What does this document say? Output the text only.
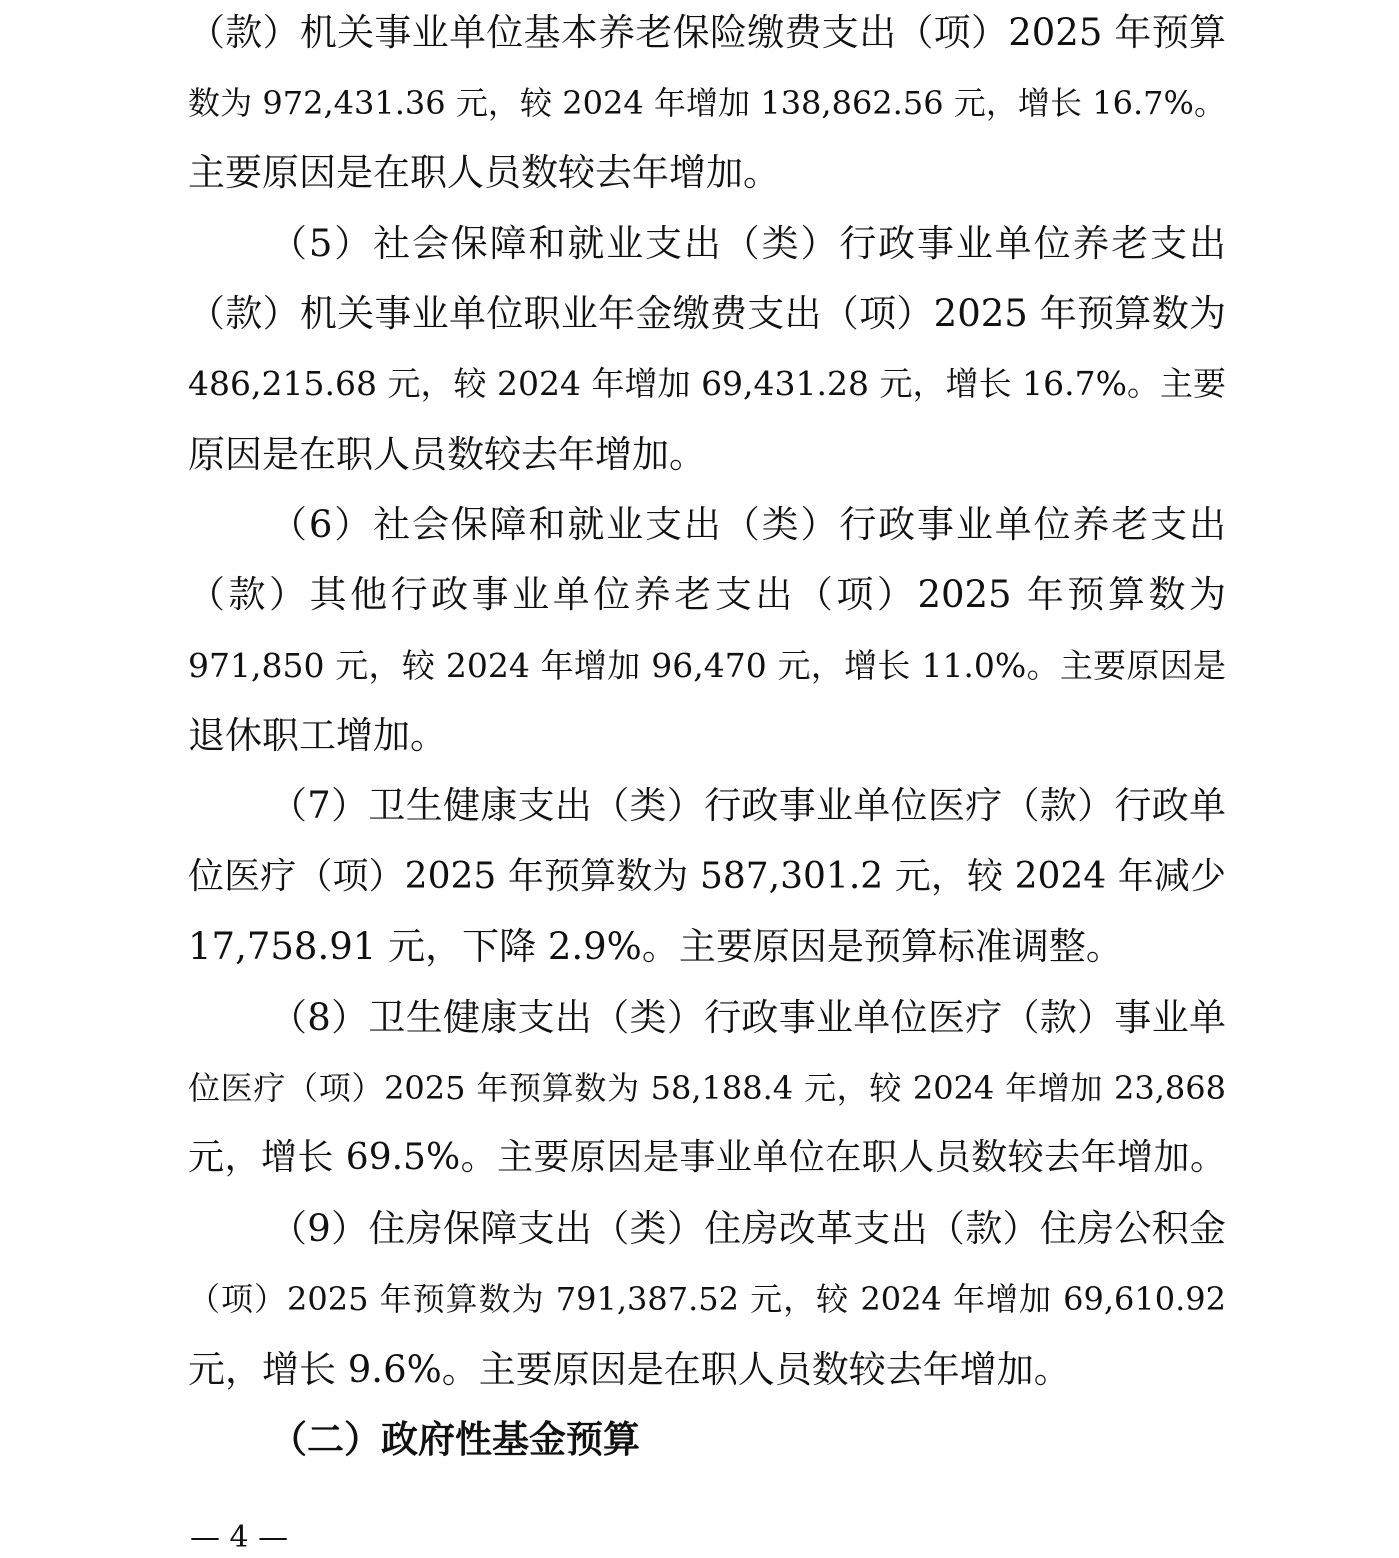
（款）机关事业单位基本养老保险缴费支出（项）2025 年预算
数为 972,431.36 元，较 2024 年增加 138,862.56 元，增长 16.7%。
主要原因是在职人员数较去年增加。
（5）社会保障和就业支出（类）行政事业单位养老支出
（款）机关事业单位职业年金缴费支出（项）2025 年预算数为
486,215.68 元，较 2024 年增加 69,431.28 元，增长 16.7%。主要
原因是在职人员数较去年增加。
（6）社会保障和就业支出（类）行政事业单位养老支出
（款）其他行政事业单位养老支出（项）2025 年预算数为
971,850 元，较 2024 年增加 96,470 元，增长 11.0%。主要原因是
退休职工增加。
（7）卫生健康支出（类）行政事业单位医疗（款）行政单
位医疗（项）2025 年预算数为 587,301.2 元，较 2024 年减少
17,758.91 元，下降 2.9%。主要原因是预算标准调整。
（8）卫生健康支出（类）行政事业单位医疗（款）事业单
位医疗（项）2025 年预算数为 58,188.4 元，较 2024 年增加 23,868
元，增长 69.5%。主要原因是事业单位在职人员数较去年增加。
（9）住房保障支出（类）住房改革支出（款）住房公积金
（项）2025 年预算数为 791,387.52 元，较 2024 年增加 69,610.92
元，增长 9.6%。主要原因是在职人员数较去年增加。
（二）政府性基金预算
— 4 —
